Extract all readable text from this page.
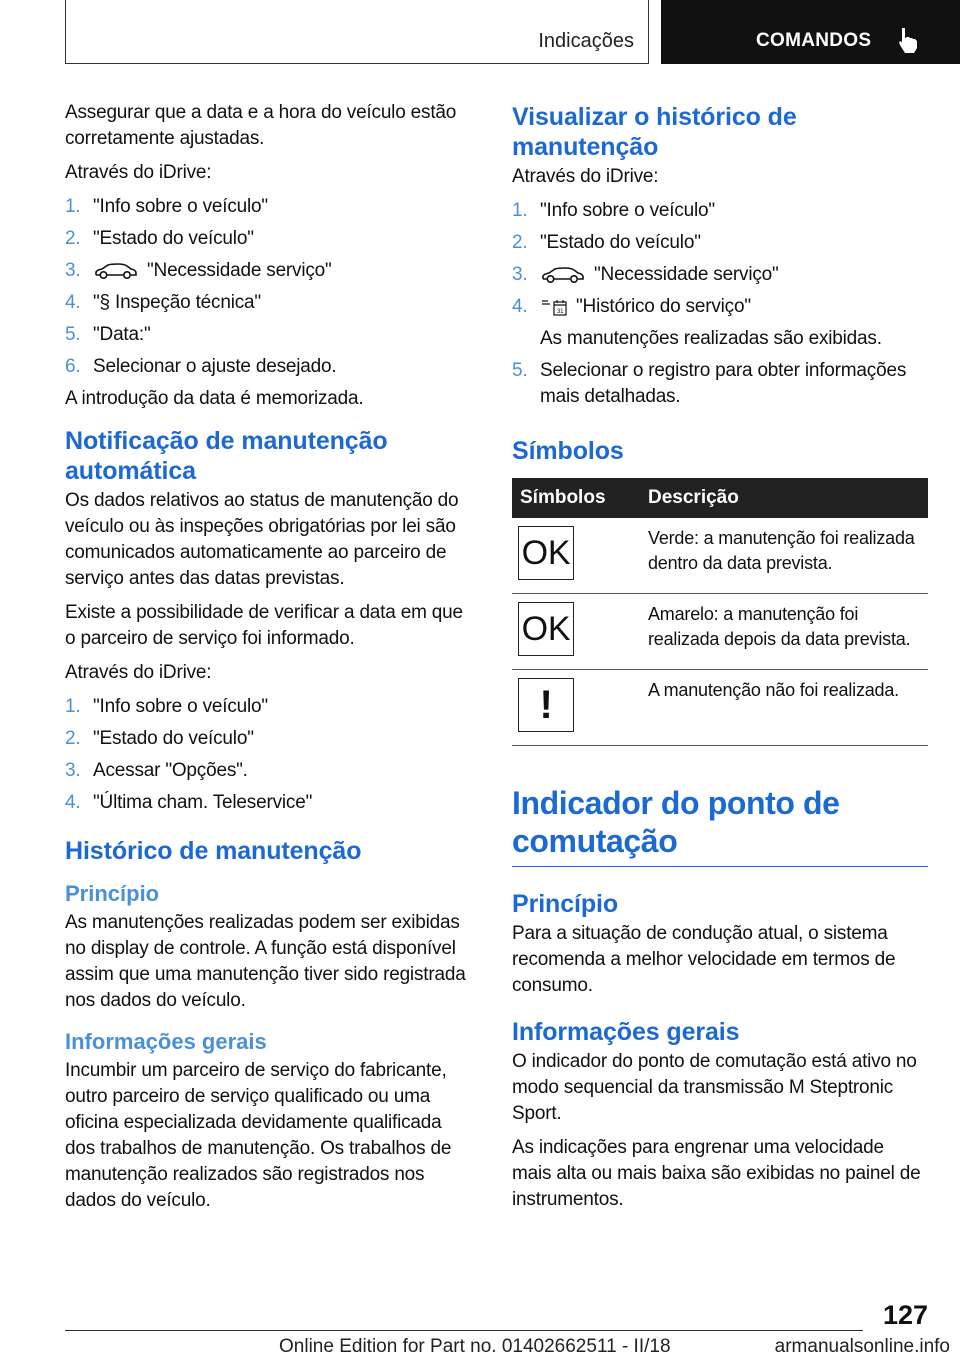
Indicações	COMANDOS

Assegurar que a data e a hora do veículo estão corretamente ajustadas.

Através do iDrive:

1. "Info sobre o veículo"
2. "Estado do veículo"
3.	"Necessidade serviço"
4. "§ Inspeção técnica"
5. "Data:"
6. Selecionar o ajuste desejado.

A introdução da data é memorizada.

Notificação de manutenção automática

Os dados relativos ao status de manutenção do veículo ou às inspeções obrigatórias por lei são comunicados automaticamente ao parceiro de serviço antes das datas previstas.

Existe a possibilidade de verificar a data em que o parceiro de serviço foi informado.

Através do iDrive:

1. "Info sobre o veículo"
2. "Estado do veículo"
3. Acessar "Opções".
4. "Última cham. Teleservice"
Histórico de manutenção
Princípio

As manutenções realizadas podem ser exibidas no display de controle. A função está disponível assim que uma manutenção tiver sido registrada nos dados do veículo.

Informações gerais

Incumbir um parceiro de serviço do fabricante, outro parceiro de serviço qualificado ou uma oficina especializada devidamente qualificada dos trabalhos de manutenção. Os trabalhos de manutenção realizados são registrados nos dados do veículo.

Visualizar o histórico de manutenção

Através do iDrive:

1. "Info sobre o veículo"
2. "Estado do veículo"
3.	"Necessidade serviço"
4.	31 "Histórico do serviço"
As manutenções realizadas são exibidas.
5. Selecionar o registro para obter informações mais detalhadas.
Símbolos
Símbolos	Descrição

OK	Verde: a manutenção foi realizada dentro da data prevista.

OK	Amarelo: a manutenção foi realizada depois da data prevista.

!	A manutenção não foi realizada.
Indicador do ponto de comutação
Princípio

Para a situação de condução atual, o sistema recomenda a melhor velocidade em termos de consumo.

Informações gerais

O indicador do ponto de comutação está ativo no modo sequencial da transmissão M Steptronic Sport.

As indicações para engrenar uma velocidade mais alta ou mais baixa são exibidas no painel de instrumentos.

127
Online Edition for Part no. 01402662511 - II/18	armanualsonline.info
